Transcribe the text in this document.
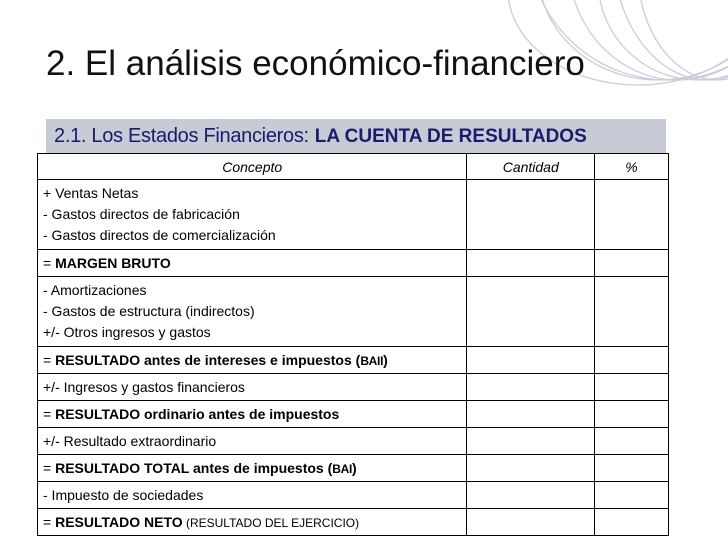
2. El análisis económico-financiero
2.1. Los Estados Financieros: LA CUENTA DE RESULTADOS
Concepto	Cantidad	%

+ Ventas Netas
- Gastos directos de fabricación
- Gastos directos de comercialización		

= MARGEN BRUTO		

- Amortizaciones
- Gastos de estructura (indirectos)
+/- Otros ingresos y gastos		

= RESULTADO antes de intereses e impuestos (BAII)		
+/- Ingresos y gastos financieros		
= RESULTADO ordinario antes de impuestos		
+/- Resultado extraordinario		
= RESULTADO TOTAL antes de impuestos (BAI)		
- Impuesto de sociedades		
= RESULTADO NETO (RESULTADO DEL EJERCICIO)		
